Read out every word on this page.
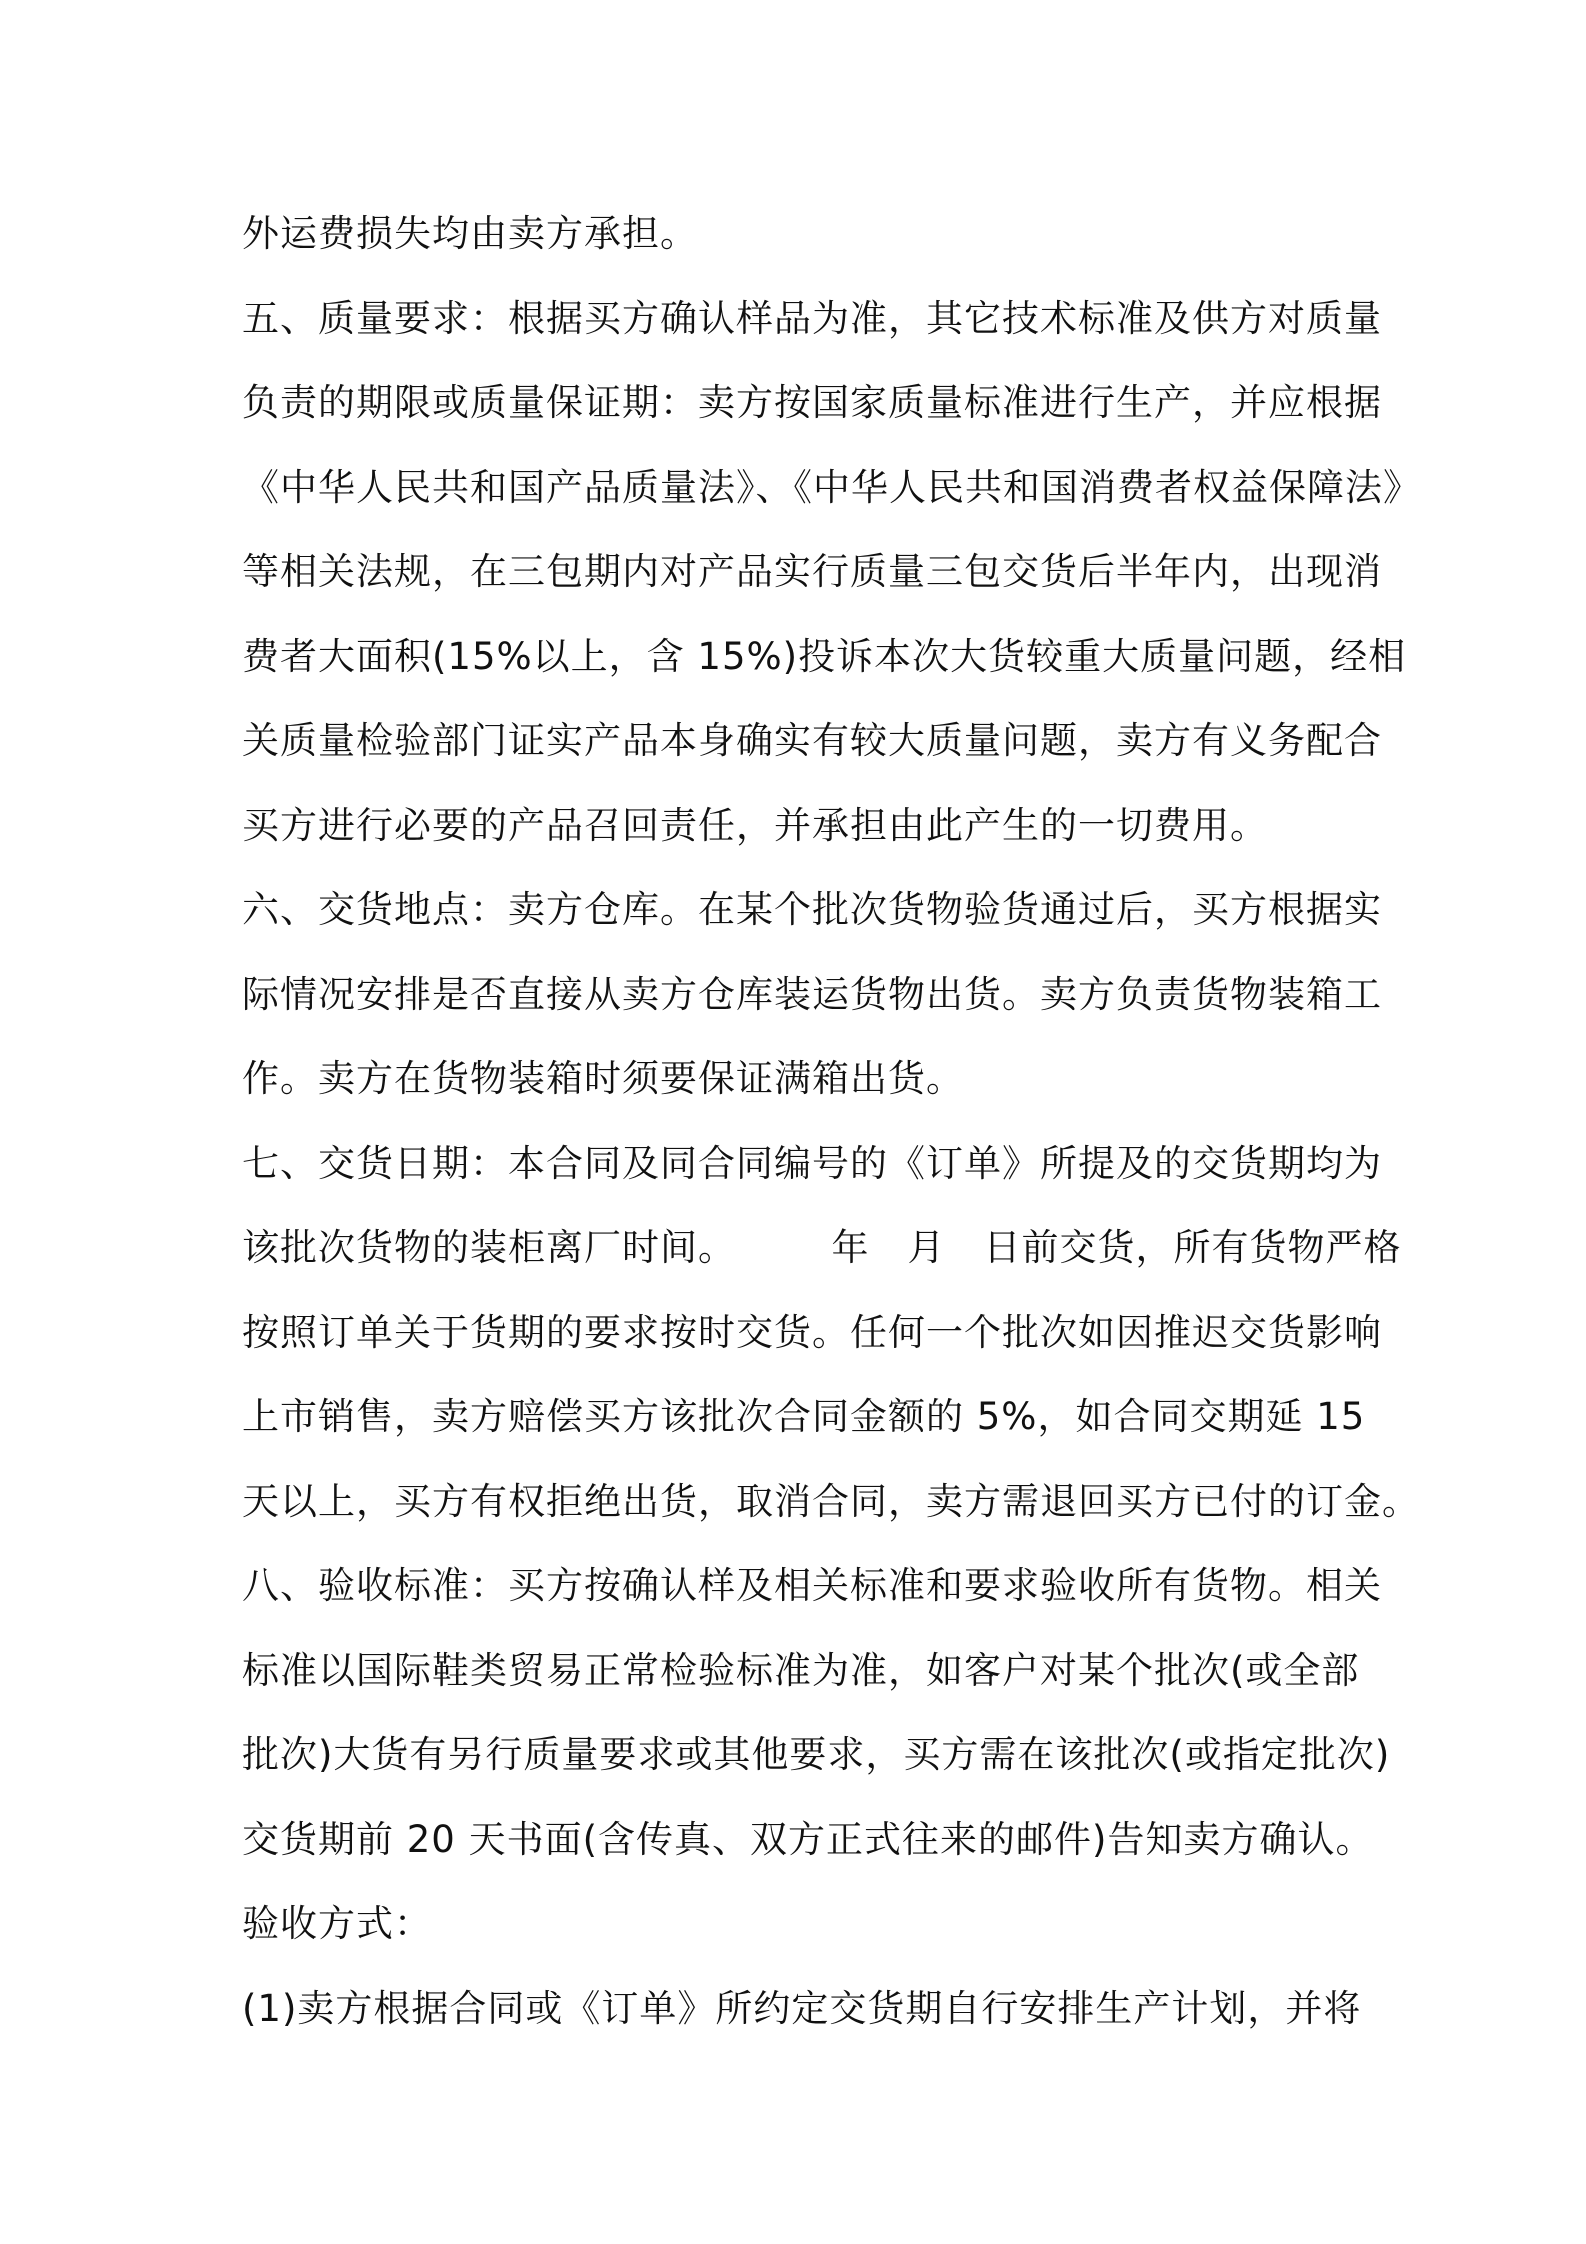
外运费损失均由卖方承担。
五、质量要求：根据买方确认样品为准，其它技术标准及供方对质量
负责的期限或质量保证期：卖方按国家质量标准进行生产，并应根据
《中华人民共和国产品质量法》、《中华人民共和国消费者权益保障法》
等相关法规，在三包期内对产品实行质量三包交货后半年内，出现消
费者大面积(15%以上，含 15%)投诉本次大货较重大质量问题，经相
关质量检验部门证实产品本身确实有较大质量问题，卖方有义务配合
买方进行必要的产品召回责任，并承担由此产生的一切费用。
六、交货地点：卖方仓库。在某个批次货物验货通过后，买方根据实
际情况安排是否直接从卖方仓库装运货物出货。卖方负责货物装箱工
作。卖方在货物装箱时须要保证满箱出货。
七、交货日期：本合同及同合同编号的《订单》所提及的交货期均为
该批次货物的装柜离厂时间。　　　年　月　日前交货，所有货物严格
按照订单关于货期的要求按时交货。任何一个批次如因推迟交货影响
上市销售，卖方赔偿买方该批次合同金额的 5%，如合同交期延 15
天以上，买方有权拒绝出货，取消合同，卖方需退回买方已付的订金。
八、验收标准：买方按确认样及相关标准和要求验收所有货物。相关
标准以国际鞋类贸易正常检验标准为准，如客户对某个批次(或全部
批次)大货有另行质量要求或其他要求，买方需在该批次(或指定批次)
交货期前 20 天书面(含传真、双方正式往来的邮件)告知卖方确认。
验收方式：
(1)卖方根据合同或《订单》所约定交货期自行安排生产计划，并将
